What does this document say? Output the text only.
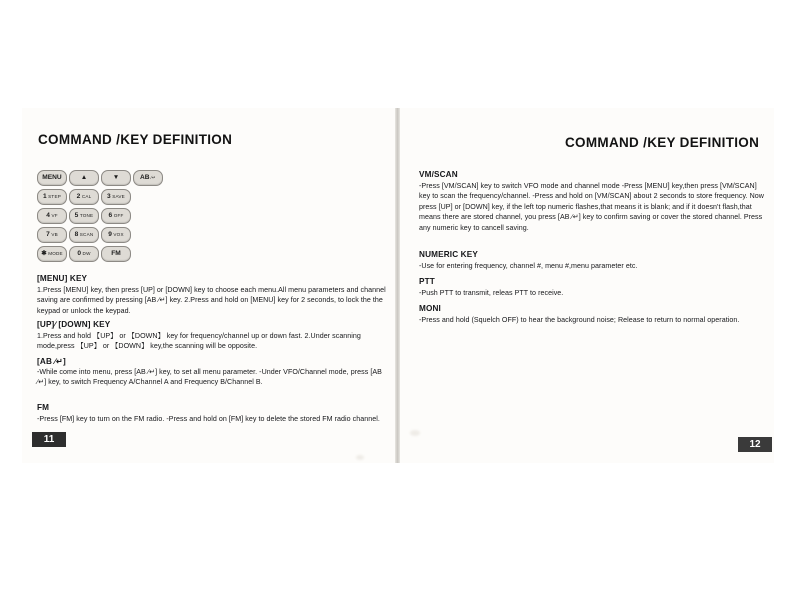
COMMAND /KEY DEFINITION
MENU	▲	▼	AB ∕↵
1 STEP	2 CAL	3 SAVE
4 VF	5 TONE	6 OFF
7 VB	8 SCAN	9 VOX
✱ MODE	0 DW	FM
[MENU] KEY
1.Press [MENU] key, then press [UP] or [DOWN] key to choose each menu.All menu parameters and channel saving are confirmed by pressing [AB ∕↵] key. 2.Press and hold on [MENU] key for 2 seconds, to lock the the keypad or unlock the keypad.
[UP]∕ [DOWN] KEY
1.Press and hold 【UP】 or 【DOWN】 key for frequency/channel up or down fast. 2.Under scanning mode,press 【UP】 or 【DOWN】 key,the scanning will be opposite.
[AB ∕↵]
-While come into menu, press [AB ∕↵] key, to set all menu parameter. -Under VFO/Channel mode, press [AB ∕↵] key, to switch Frequency A/Channel A and Frequency B/Channel B.
FM
-Press [FM] key to turn on the FM radio. -Press and hold on [FM] key to delete the stored FM radio channel.
11
COMMAND /KEY DEFINITION
VM/SCAN
-Press [VM/SCAN] key to switch VFO mode and channel mode -Press [MENU] key,then press [VM/SCAN] key to scan the frequency/channel. -Press and hold on [VM/SCAN] about 2 seconds to store frequency. Now press [UP] or [DOWN] key, if the left top numeric flashes,that means it is blank; and if it doesn't flash,that means there are stored channel, you press [AB ∕↵] key to confirm saving or cover the stored channel. Press any numeric key to cancell saving.
NUMERIC KEY
-Use for entering frequency, channel #, menu #,menu parameter etc.
PTT
-Push PTT to transmit, releas PTT to receive.
MONI
-Press and hold (Squelch OFF) to hear the background noise; Release to return to normal operation.
12
